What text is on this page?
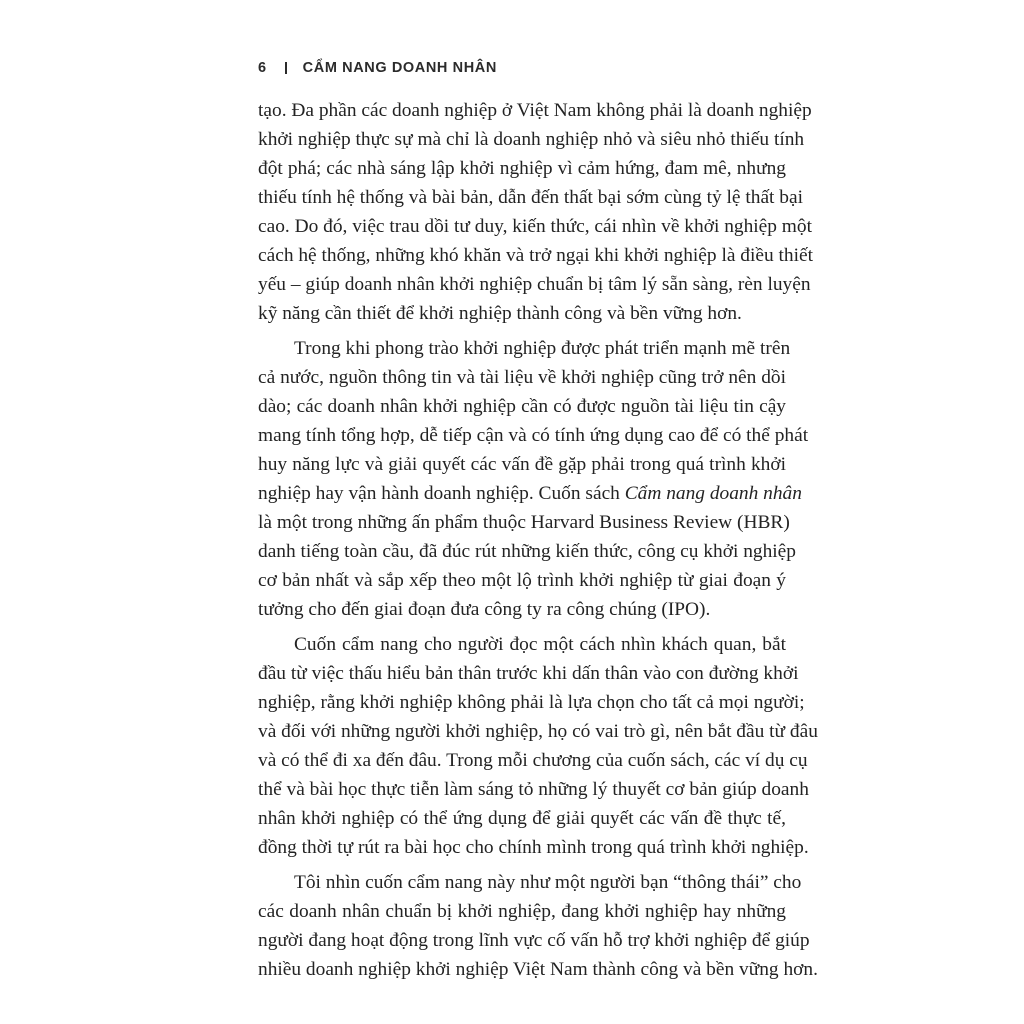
6 CẨM NANG DOANH NHÂN
tạo. Đa phần các doanh nghiệp ở Việt Nam không phải là doanh nghiệp
khởi nghiệp thực sự mà chỉ là doanh nghiệp nhỏ và siêu nhỏ thiếu tính
đột phá; các nhà sáng lập khởi nghiệp vì cảm hứng, đam mê, nhưng
thiếu tính hệ thống và bài bản, dẫn đến thất bại sớm cùng tỷ lệ thất bại
cao. Do đó, việc trau dồi tư duy, kiến thức, cái nhìn về khởi nghiệp một
cách hệ thống, những khó khăn và trở ngại khi khởi nghiệp là điều thiết
yếu – giúp doanh nhân khởi nghiệp chuẩn bị tâm lý sẵn sàng, rèn luyện
kỹ năng cần thiết để khởi nghiệp thành công và bền vững hơn.
Trong khi phong trào khởi nghiệp được phát triển mạnh mẽ trên
cả nước, nguồn thông tin và tài liệu về khởi nghiệp cũng trở nên dồi
dào; các doanh nhân khởi nghiệp cần có được nguồn tài liệu tin cậy
mang tính tổng hợp, dễ tiếp cận và có tính ứng dụng cao để có thể phát
huy năng lực và giải quyết các vấn đề gặp phải trong quá trình khởi
nghiệp hay vận hành doanh nghiệp. Cuốn sách Cẩm nang doanh nhân
là một trong những ấn phẩm thuộc Harvard Business Review (HBR)
danh tiếng toàn cầu, đã đúc rút những kiến thức, công cụ khởi nghiệp
cơ bản nhất và sắp xếp theo một lộ trình khởi nghiệp từ giai đoạn ý
tưởng cho đến giai đoạn đưa công ty ra công chúng (IPO).
Cuốn cẩm nang cho người đọc một cách nhìn khách quan, bắt
đầu từ việc thấu hiểu bản thân trước khi dấn thân vào con đường khởi
nghiệp, rằng khởi nghiệp không phải là lựa chọn cho tất cả mọi người;
và đối với những người khởi nghiệp, họ có vai trò gì, nên bắt đầu từ đâu
và có thể đi xa đến đâu. Trong mỗi chương của cuốn sách, các ví dụ cụ
thể và bài học thực tiễn làm sáng tỏ những lý thuyết cơ bản giúp doanh
nhân khởi nghiệp có thể ứng dụng để giải quyết các vấn đề thực tế,
đồng thời tự rút ra bài học cho chính mình trong quá trình khởi nghiệp.
Tôi nhìn cuốn cẩm nang này như một người bạn “thông thái” cho
các doanh nhân chuẩn bị khởi nghiệp, đang khởi nghiệp hay những
người đang hoạt động trong lĩnh vực cố vấn hỗ trợ khởi nghiệp để giúp
nhiều doanh nghiệp khởi nghiệp Việt Nam thành công và bền vững hơn.
